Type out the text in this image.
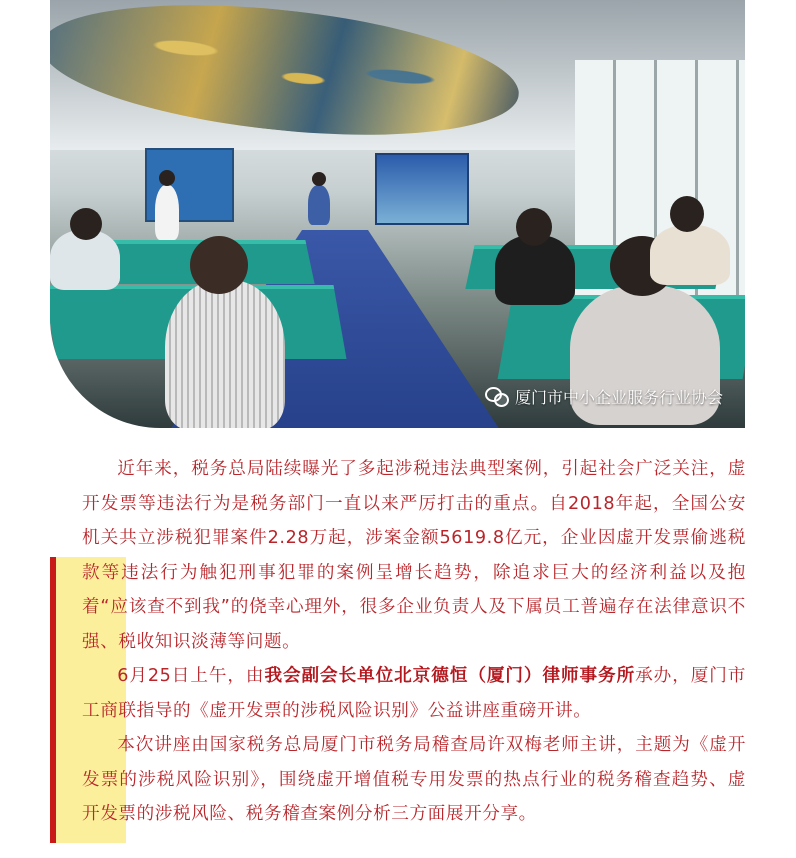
厦门市中小企业服务行业协会

近年来，税务总局陆续曝光了多起涉税违法典型案例，引起社会广泛关注，虚开发票等违法行为是税务部门一直以来严厉打击的重点。自2018年起，全国公安机关共立涉税犯罪案件2.28万起，涉案金额5619.8亿元，企业因虚开发票偷逃税款等违法行为触犯刑事犯罪的案例呈增长趋势，除追求巨大的经济利益以及抱着“应该查不到我”的侥幸心理外，很多企业负责人及下属员工普遍存在法律意识不强、税收知识淡薄等问题。

6月25日上午，由我会副会长单位北京德恒（厦门）律师事务所承办，厦门市工商联指导的《虚开发票的涉税风险识别》公益讲座重磅开讲。

本次讲座由国家税务总局厦门市税务局稽查局许双梅老师主讲，主题为《虚开发票的涉税风险识别》，围绕虚开增值税专用发票的热点行业的税务稽查趋势、虚开发票的涉税风险、税务稽查案例分析三方面展开分享。
